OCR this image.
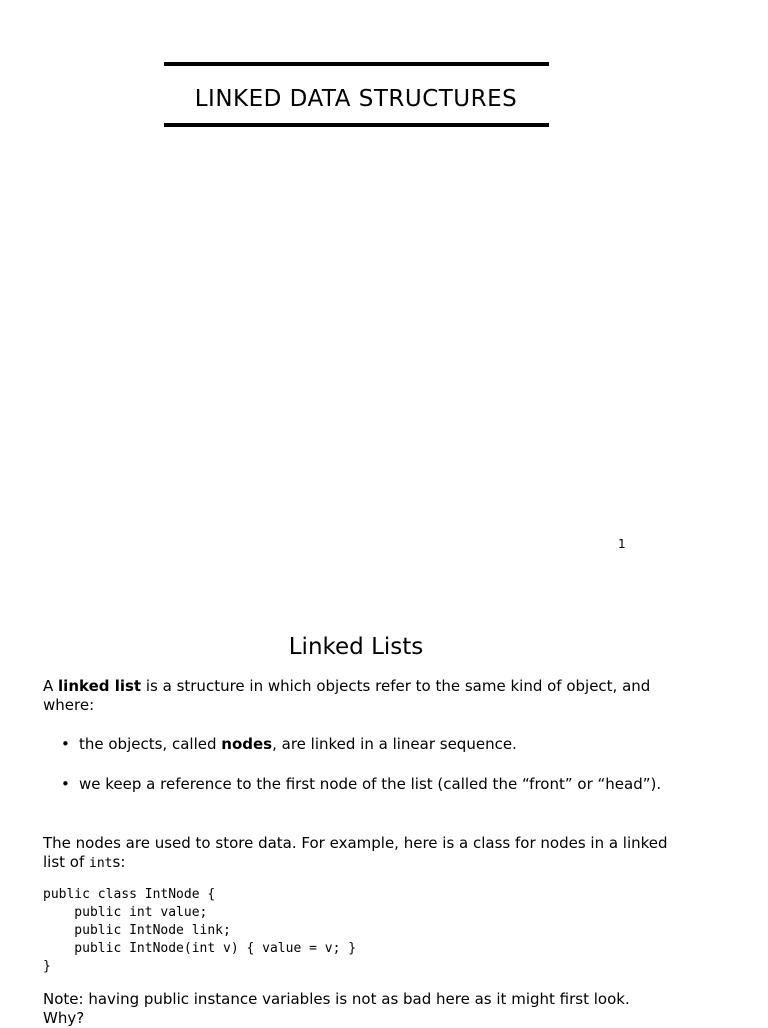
LINKED DATA STRUCTURES
1
Linked Lists

A linked list is a structure in which objects refer to the same kind of object, and where:

• the objects, called nodes, are linked in a linear sequence.
• we keep a reference to the first node of the list (called the “front” or “head”).

The nodes are used to store data. For example, here is a class for nodes in a linked list of ints:

public class IntNode {
public int value;
public IntNode link;
public IntNode(int v) { value = v; }
}

Note: having public instance variables is not as bad here as it might first look. Why?
